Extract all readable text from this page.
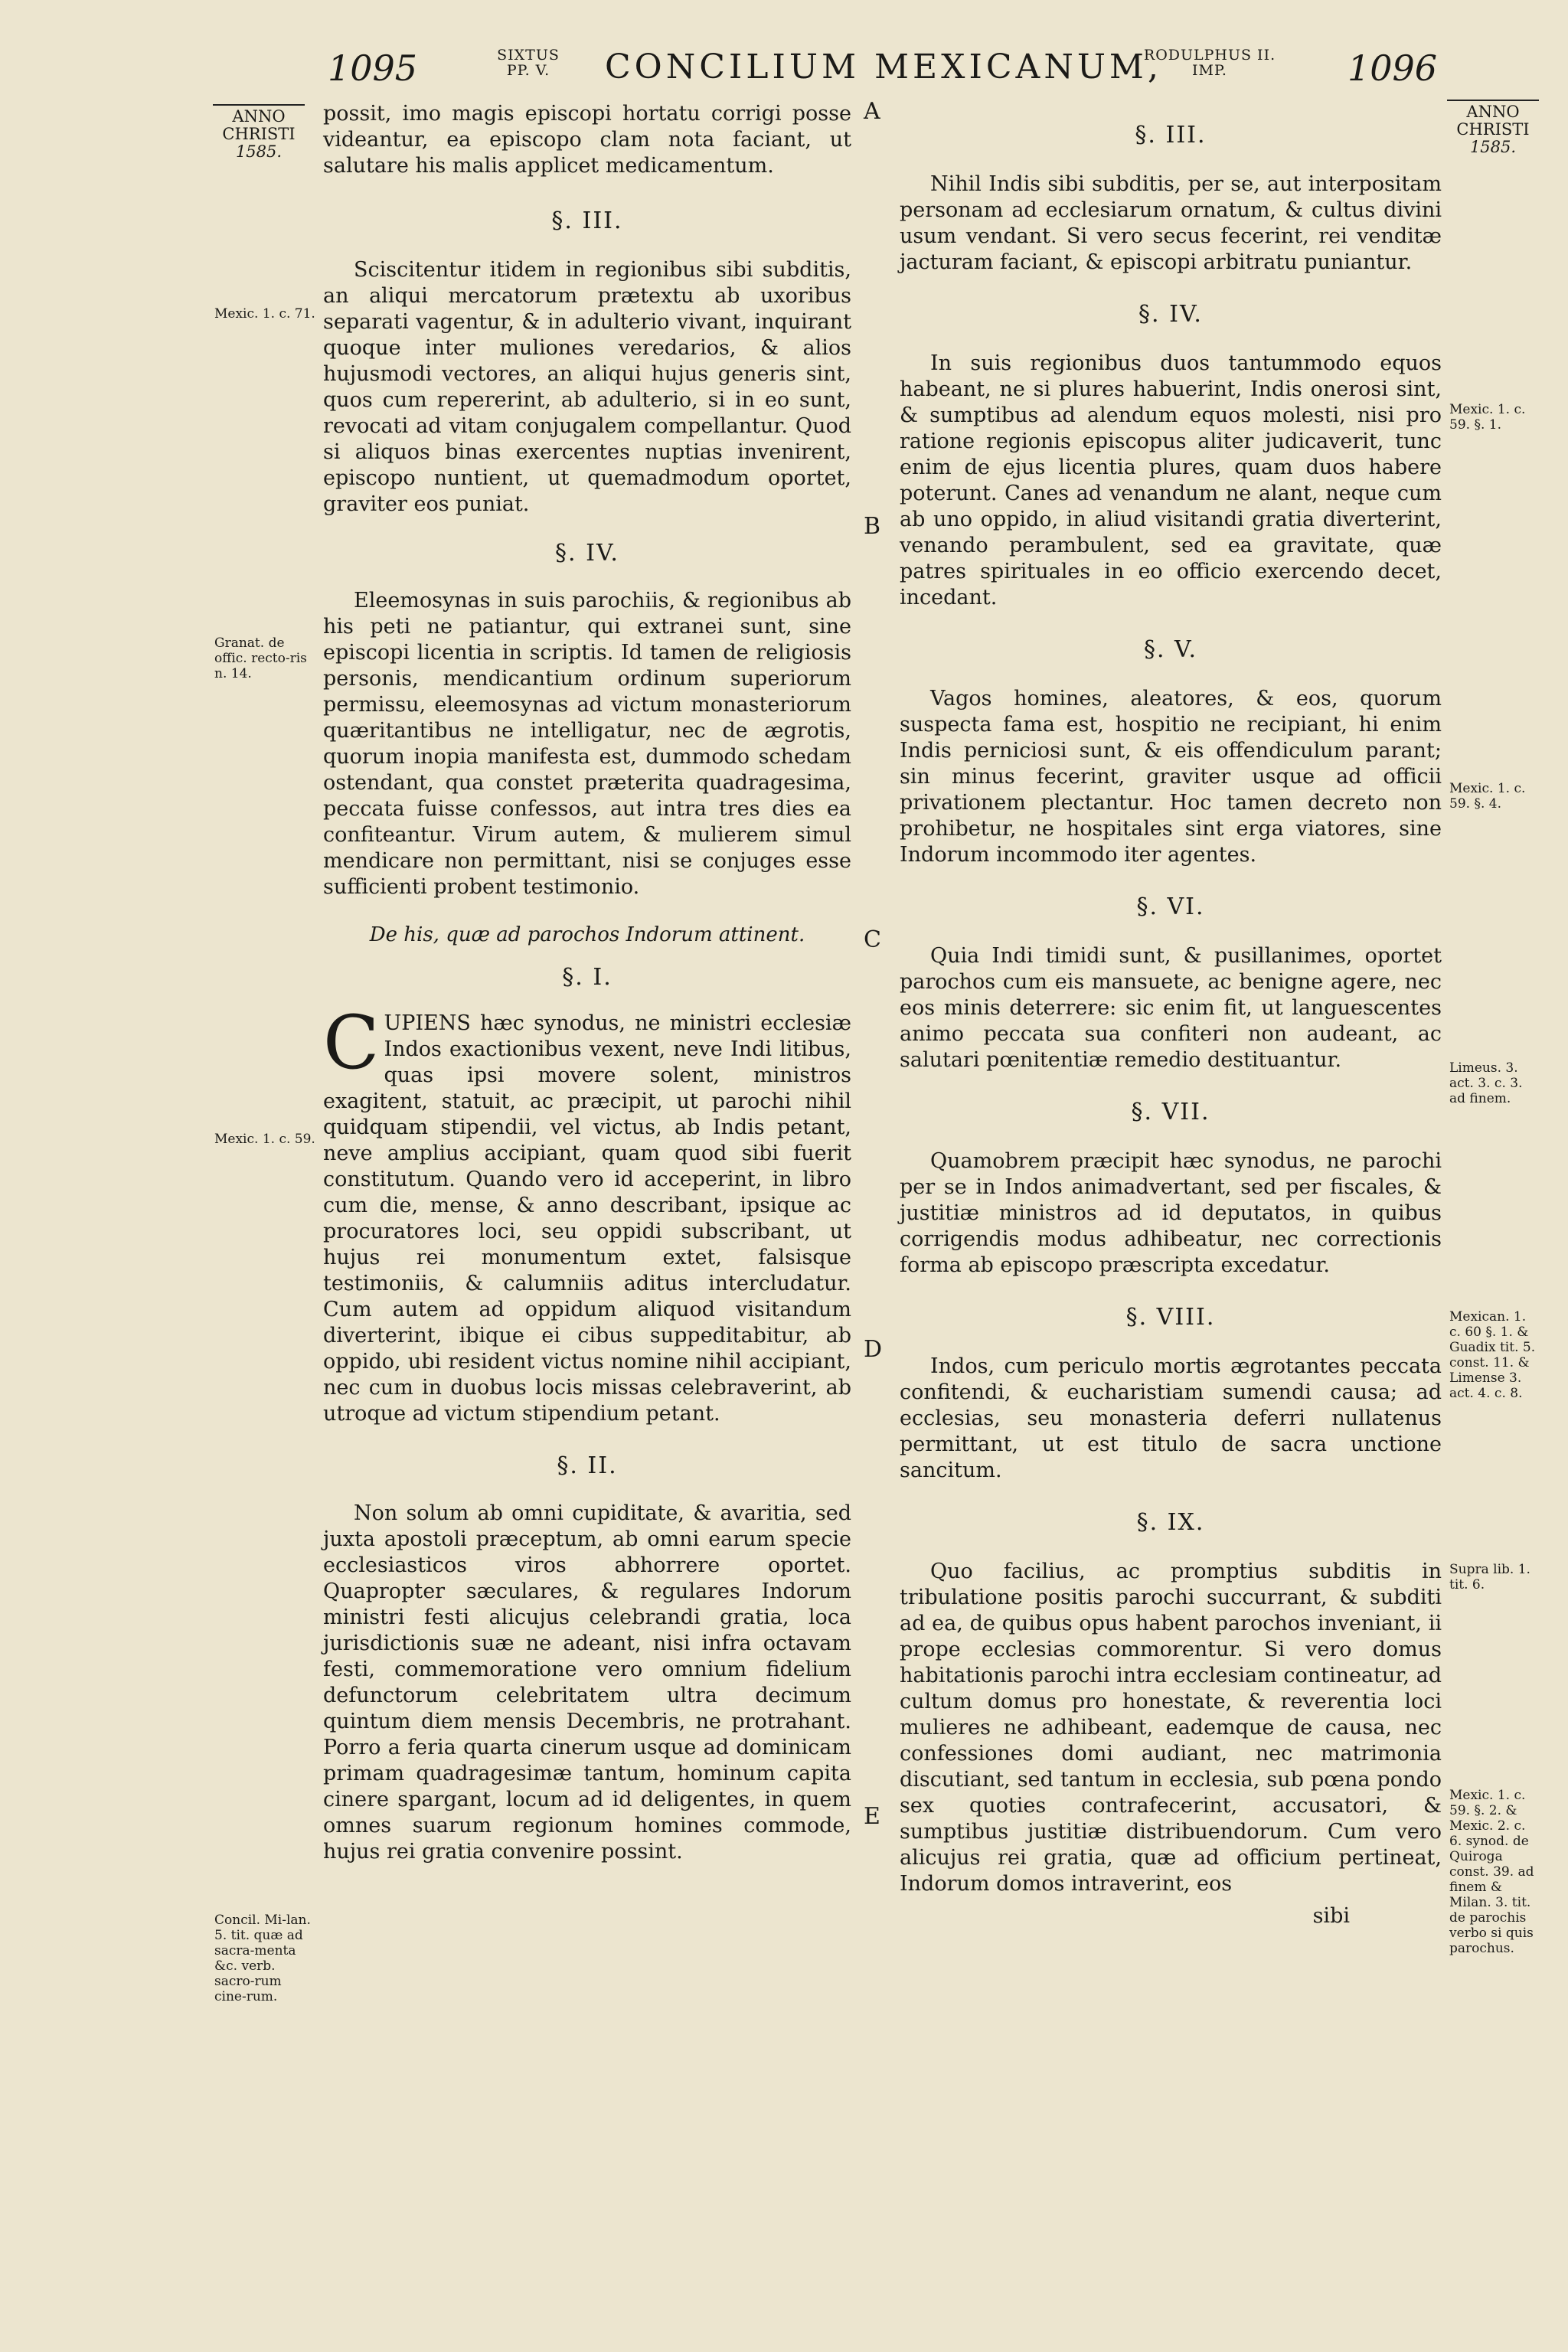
1095	SIXTUS
PP. V.	CONCILIUM MEXICANUM,
RODULPHUS II.
IMP.	1096
ANNO
CHRISTI
1585.
ANNO
CHRISTI
1585.
A
B
C
D
E
Mexic. 1. c. 71.
Granat. de offic. recto-ris n. 14.
Mexic. 1. c. 59.
Concil. Mi-lan. 5. tit. quæ ad sacra-menta &c. verb. sacro-rum cine-rum.

possit, imo magis episcopi hortatu corrigi posse videantur, ea episcopo clam nota faciant, ut salutare his malis applicet medicamentum.

§. III.

Sciscitentur itidem in regionibus sibi subditis, an aliqui mercatorum prætextu ab uxoribus separati vagentur, & in adulterio vivant, inquirant quoque inter muliones veredarios, & alios hujusmodi vectores, an aliqui hujus generis sint, quos cum repererint, ab adulterio, si in eo sunt, revocati ad vitam conjugalem compellantur. Quod si aliquos binas exercentes nuptias invenirent, episcopo nuntient, ut quemadmodum oportet, graviter eos puniat.

§. IV.

Eleemosynas in suis parochiis, & regionibus ab his peti ne patiantur, qui extranei sunt, sine episcopi licentia in scriptis. Id tamen de religiosis personis, mendicantium ordinum superiorum permissu, eleemosynas ad victum monasteriorum quæritantibus ne intelligatur, nec de ægrotis, quorum inopia manifesta est, dummodo schedam ostendant, qua constet præterita quadragesima, peccata fuisse confessos, aut intra tres dies ea confiteantur. Virum autem, & mulierem simul mendicare non permittant, nisi se conjuges esse sufficienti probent testimonio.

De his, quæ ad parochos Indorum attinent.
§. I.
C UPIENS hæc synodus, ne ministri ecclesiæ Indos exactionibus vexent, neve Indi litibus, quas ipsi movere solent, ministros exagitent, statuit, ac præcipit, ut parochi nihil quidquam stipendii, vel victus, ab Indis petant, neve amplius accipiant, quam quod sibi fuerit constitutum. Quando vero id acceperint, in libro cum die, mense, & anno describant, ipsique ac procuratores loci, seu oppidi subscribant, ut hujus rei monumentum extet, falsisque testimoniis, & calumniis aditus intercludatur. Cum autem ad oppidum aliquod visitandum diverterint, ibique ei cibus suppeditabitur, ab oppido, ubi resident victus nomine nihil accipiant, nec cum in duobus locis missas celebraverint, ab utroque ad victum stipendium petant.
§. II.

Non solum ab omni cupiditate, & avaritia, sed juxta apostoli præceptum, ab omni earum specie ecclesiasticos viros abhorrere oportet. Quapropter sæculares, & regulares Indorum ministri festi alicujus celebrandi gratia, loca jurisdictionis suæ ne adeant, nisi infra octavam festi, commemoratione vero omnium fidelium defunctorum celebritatem ultra decimum quintum diem mensis Decembris, ne protrahant. Porro a feria quarta cinerum usque ad dominicam primam quadragesimæ tantum, hominum capita cinere spargant, locum ad id deligentes, in quem omnes suarum regionum homines commode, hujus rei gratia convenire possint.

§. III.

Nihil Indis sibi subditis, per se, aut interpositam personam ad ecclesiarum ornatum, & cultus divini usum vendant. Si vero secus fecerint, rei venditæ jacturam faciant, & episcopi arbitratu puniantur.

§. IV.

In suis regionibus duos tantummodo equos habeant, ne si plures habuerint, Indis onerosi sint, & sumptibus ad alendum equos molesti, nisi pro ratione regionis episcopus aliter judicaverit, tunc enim de ejus licentia plures, quam duos habere poterunt. Canes ad venandum ne alant, neque cum ab uno oppido, in aliud visitandi gratia diverterint, venando perambulent, sed ea gravitate, quæ patres spirituales in eo officio exercendo decet, incedant.

§. V.

Vagos homines, aleatores, & eos, quorum suspecta fama est, hospitio ne recipiant, hi enim Indis perniciosi sunt, & eis offendiculum parant; sin minus fecerint, graviter usque ad officii privationem plectantur. Hoc tamen decreto non prohibetur, ne hospitales sint erga viatores, sine Indorum incommodo iter agentes.

§. VI.

Quia Indi timidi sunt, & pusillanimes, oportet parochos cum eis mansuete, ac benigne agere, nec eos minis deterrere: sic enim fit, ut languescentes animo peccata sua confiteri non audeant, ac salutari pœnitentiæ remedio destituantur.

§. VII.

Quamobrem præcipit hæc synodus, ne parochi per se in Indos animadvertant, sed per fiscales, & justitiæ ministros ad id deputatos, in quibus corrigendis modus adhibeatur, nec correctionis forma ab episcopo præscripta excedatur.

§. VIII.

Indos, cum periculo mortis ægrotantes peccata confitendi, & eucharistiam sumendi causa; ad ecclesias, seu monasteria deferri nullatenus permittant, ut est titulo de sacra unctione sancitum.

§. IX.

Quo facilius, ac promptius subditis in tribulatione positis parochi succurrant, & subditi ad ea, de quibus opus habent parochos inveniant, ii prope ecclesias commorentur. Si vero domus habitationis parochi intra ecclesiam contineatur, ad cultum domus pro honestate, & reverentia loci mulieres ne adhibeant, eademque de causa, nec confessiones domi audiant, nec matrimonia discutiant, sed tantum in ecclesia, sub pœna pondo sex quoties contrafecerint, accusatori, & sumptibus justitiæ distribuendorum. Cum vero alicujus rei gratia, quæ ad officium pertineat, Indorum domos intraverint, eos

sibi
Mexic. 1. c. 59. §. 1.
Mexic. 1. c. 59. §. 4.
Limeus. 3. act. 3. c. 3. ad finem.
Mexican. 1. c. 60 §. 1. & Guadix tit. 5. const. 11. & Limense 3. act. 4. c. 8.
Supra lib. 1. tit. 6.
Mexic. 1. c. 59. §. 2. & Mexic. 2. c. 6. synod. de Quiroga const. 39. ad finem & Milan. 3. tit. de parochis verbo si quis parochus.
